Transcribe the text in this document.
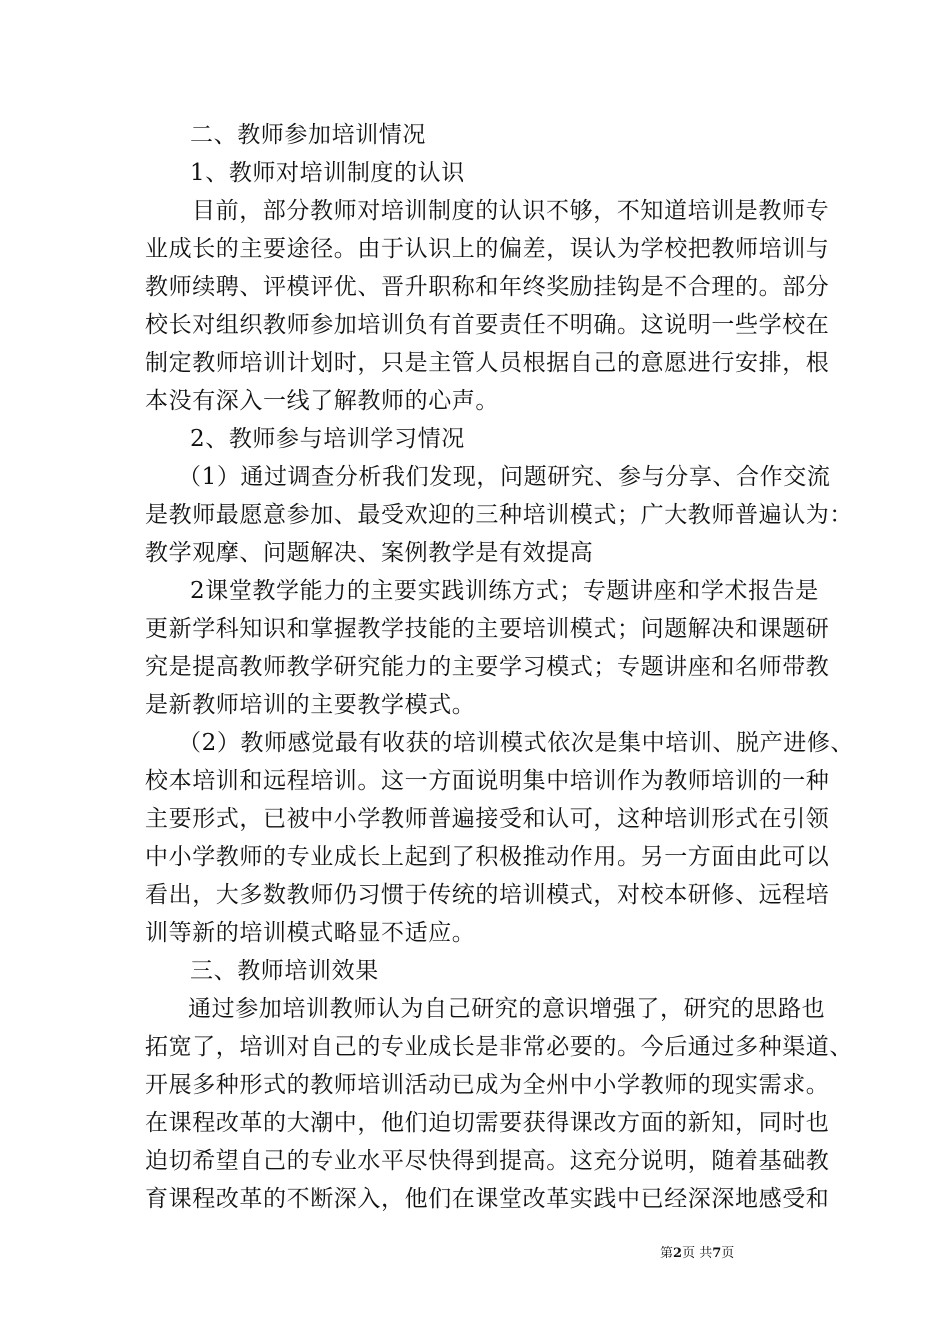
二、教师参加培训情况
1、教师对培训制度的认识
目前，部分教师对培训制度的认识不够，不知道培训是教师专
业成长的主要途径。由于认识上的偏差，误认为学校把教师培训与
教师续聘、评模评优、晋升职称和年终奖励挂钩是不合理的。部分
校长对组织教师参加培训负有首要责任不明确。这说明一些学校在
制定教师培训计划时，只是主管人员根据自己的意愿进行安排，根
本没有深入一线了解教师的心声。
2、教师参与培训学习情况
（1）通过调查分析我们发现，问题研究、参与分享、合作交流
是教师最愿意参加、最受欢迎的三种培训模式；广大教师普遍认为：
教学观摩、问题解决、案例教学是有效提高
2课堂教学能力的主要实践训练方式；专题讲座和学术报告是
更新学科知识和掌握教学技能的主要培训模式；问题解决和课题研
究是提高教师教学研究能力的主要学习模式；专题讲座和名师带教
是新教师培训的主要教学模式。
（2）教师感觉最有收获的培训模式依次是集中培训、脱产进修、
校本培训和远程培训。这一方面说明集中培训作为教师培训的一种
主要形式，已被中小学教师普遍接受和认可，这种培训形式在引领
中小学教师的专业成长上起到了积极推动作用。另一方面由此可以
看出，大多数教师仍习惯于传统的培训模式，对校本研修、远程培
训等新的培训模式略显不适应。
三、教师培训效果
通过参加培训教师认为自己研究的意识增强了，研究的思路也
拓宽了，培训对自己的专业成长是非常必要的。今后通过多种渠道、
开展多种形式的教师培训活动已成为全州中小学教师的现实需求。
在课程改革的大潮中，他们迫切需要获得课改方面的新知，同时也
迫切希望自己的专业水平尽快得到提高。这充分说明，随着基础教
育课程改革的不断深入，他们在课堂改革实践中已经深深地感受和
第2页 共7页
